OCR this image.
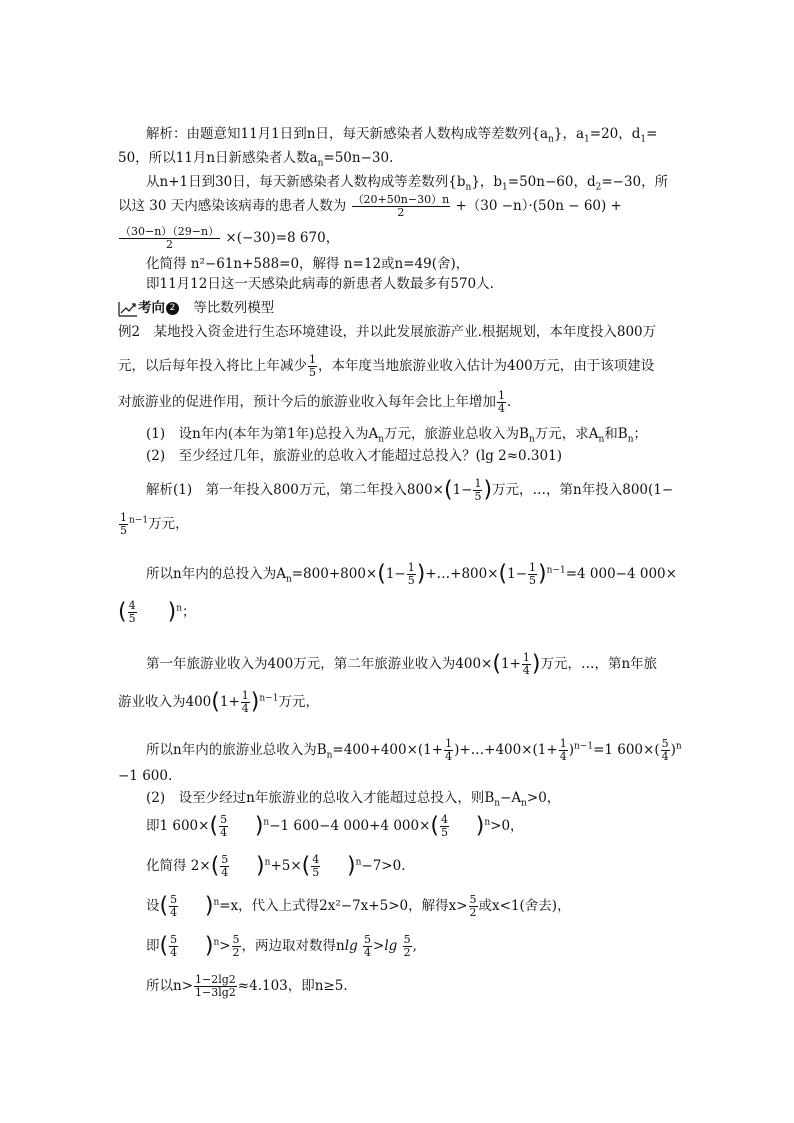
解析：由题意知11月1日到n日，每天新感染者人数构成等差数列$\{a_n\}$，$a_1=20$，$d_1=$
50，所以11月n日新感染者人数$a_n=50n-30$.
从n+1日到30日，每天新感染者人数构成等差数列$\{b_n\}$，$b_1=50n-60$，$d_2=-30$，所
以这 30 天内感染该病毒的患者人数为 $\frac{(20+50n-30)n}{2} +(30 -n)\cdot(50n - 60)$ +
$\frac{(30-n)(29-n)}{2} \times(-30)=8$ 670，
化简得 n²−61n+588=0，解得 n=12或n=49(舍)，
即11月12日这一天感染此病毒的新患者人数最多有570人.
考向 2 等比数列模型
例2　某地投入资金进行生态环境建设，并以此发展旅游产业.根据规划，本年度投入800万
元，以后每年投入将比上年减少 $\frac{1}{5}$ ，本年度当地旅游业收入估计为400万元，由于该项建设
对旅游业的促进作用，预计今后的旅游业收入每年会比上年增加 $\frac{1}{4}$ .
(1)　设n年内(本年为第1年)总投入为$A_n$万元，旅游业总收入为$B_n$万元，求$A_n$和$B_n$；
(2)　至少经过几年，旅游业的总收入才能超过总投入？(lg 2≈0.301)
解析(1)　第一年投入800万元，第二年投入$800\times(1- \frac{1}{5}$ )万元，…，第n年投入800(1−
$\frac{1}{5} ^{n-1}$万元，
所以n年内的总投入为$A_n=800+800\times(1- \frac{1}{5}$ )+…+800×(1− $\frac{1}{5} )^{n-1}=4$ 000−4 000×
( $\frac{4}{5} )^n$；
第一年旅游业收入为400万元，第二年旅游业收入为$400\times(1+ \frac{1}{4}$ )万元，…，第n年旅
游业收入为$400(1+ \frac{1}{4} )^{n-1}$万元，
所以n年内的旅游业总收入为$B_n=400+400\times(1+ \frac{1}{4}$ )+…+400×(1+ $\frac{1}{4} )^{n-1}=1$ $600\times( \frac{5}{4} )^n$
−1 600.
(2)　设至少经过n年旅游业的总收入才能超过总投入，则$B_n-A_n>0$，
即1 $600\times( \frac{5}{4} )^n-1$ 600−4 000+4 $000\times( \frac{4}{5} )^n>0$，
化简得 $2\times( \frac{5}{4} )^n+5\times( \frac{4}{5} )^n-7>0$.
设( $\frac{5}{4} )^n=x$，代入上式得2x²−7x+5>0，解得$x> \frac{5}{2}$ 或x<1(舍去)，
即( $\frac{5}{4} )^n> \frac{5}{2}$ ，两边取对数得nlg $\frac{5}{4} >\lg \frac{5}{2}$ ,
所以$n> \frac{1-2\lg 2}{1-3\lg 2} \approx 4.103$，即n≥5.
